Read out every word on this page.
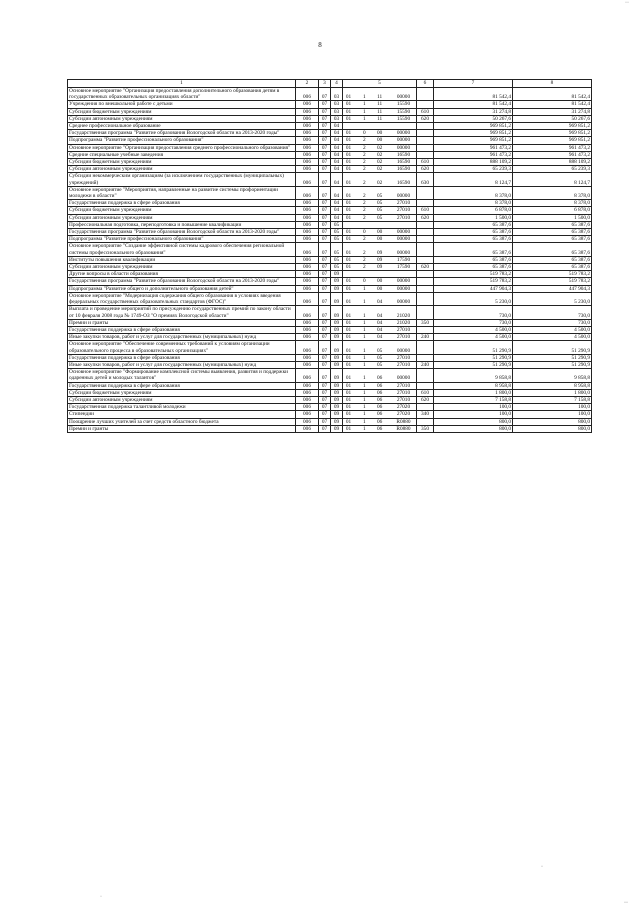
8
··
1	2	3	4	5	6	7	8
Основное мероприятие "Организация предоставления дополнительного образования детям в государственных образовательных организациях области"	006	07	03	01 1 11 00000		81 542,4	81 542,4
Учреждения по внешкольной работе с детьми	006	07	03	01 1 11 15590		81 542,4	81 542,4
Субсидии бюджетным учреждениям	006	07	03	01 1 11 15590	610	31 274,8	31 274,8
Субсидии автономным учреждениям	006	07	03	01 1 11 15590	620	50 267,6	50 267,6
Среднее профессиональное образование	006	07	04			969 851,2	969 851,2
Государственная программа "Развитие образования Вологодской области на 2013-2020 годы"	006	07	04	01 0 00 00000		969 851,2	969 851,2
Подпрограмма "Развитие профессионального образования"	006	07	04	01 2 00 00000		969 851,2	969 851,2
Основное мероприятие "Организация предоставления среднего профессионального образования"	006	07	04	01 2 02 00000		961 473,2	961 473,2
Средние специальные учебные заведения	006	07	04	01 2 02 16590		961 473,2	961 473,2
Субсидии бюджетным учреждениям	006	07	04	01 2 02 16590	610	888 109,2	888 109,2
Субсидии автономным учреждениям	006	07	04	01 2 02 16590	620	65 239,3	65 239,3
Субсидии некоммерческим организациям (за исключением государственных (муниципальных) учреждений)	006	07	04	01 2 02 16590	630	8 124,7	8 124,7
Основное мероприятие "Мероприятия, направленные на развитие системы профориентации молодежи в области"	006	07	04	01 2 05 00000		8 378,0	8 378,0
Государственная поддержка в сфере образования	006	07	04	01 2 05 27010		8 378,0	8 378,0
Субсидии бюджетным учреждениям	006	07	04	01 2 05 27010	610	6 878,0	6 878,0
Субсидии автономным учреждениям	006	07	04	01 2 05 27010	620	1 500,0	1 500,0
Профессиональная подготовка, переподготовка и повышение квалификации	006	07	05			65 387,6	65 387,6
Государственная программа "Развитие образования Вологодской области на 2013-2020 годы"	006	07	05	01 0 00 00000		65 387,6	65 387,6
Подпрограмма "Развитие профессионального образования"	006	07	05	01 2 00 00000		65 387,6	65 387,6
Основное мероприятие "Создание эффективной системы кадрового обеспечения региональной системы профессионального образования"	006	07	05	01 2 09 00000		65 387,6	65 387,6
Институты повышения квалификации	006	07	05	01 2 09 17590		65 387,6	65 387,6
Субсидии автономным учреждениям	006	07	05	01 2 09 17590	620	65 387,6	65 387,6
Другие вопросы в области образования	006	07	09			519 783,2	519 783,2
Государственная программа "Развитие образования Вологодской области на 2013-2020 годы"	006	07	09	01 0 00 00000		519 783,2	519 783,2
Подпрограмма "Развитие общего и дополнительного образования детей"	006	07	09	01 1 00 00000		447 904,3	447 904,3
Основное мероприятие "Модернизация содержания общего образования в условиях введения федеральных государственных образовательных стандартов (ФГОС)"	006	07	09	01 1 04 00000		5 230,0	5 230,0
Выплата и проведение мероприятий по присуждению государственных премий по закону области от 10 февраля 2008 года № 1749-ОЗ "О премиях Вологодской области"	006	07	09	01 1 04 21020		730,0	730,0
Премии и гранты	006	07	09	01 1 04 21020	350	730,0	730,0
Государственная поддержка в сфере образования	006	07	09	01 1 04 27010		4 500,0	4 500,0
Иные закупки товаров, работ и услуг для государственных (муниципальных) нужд	006	07	09	01 1 04 27010	240	4 500,0	4 500,0
Основное мероприятие "Обеспечение современных требований к условиям организации образовательного процесса в образовательных организациях"	006	07	09	01 1 05 00000		51 290,9	51 290,9
Государственная поддержка в сфере образования	006	07	09	01 1 05 27010		51 290,9	51 290,9
Иные закупки товаров, работ и услуг для государственных (муниципальных) нужд	006	07	09	01 1 05 27010	240	51 290,9	51 290,9
Основное мероприятие "Формирование комплексной системы выявления, развития и поддержки одаренных детей и молодых талантов"	006	07	09	01 1 06 00000		9 858,8	9 858,8
Государственная поддержка в сфере образования	006	07	09	01 1 06 27010		8 958,8	8 958,8
Субсидии бюджетным учреждениям	006	07	09	01 1 06 27010	610	1 800,0	1 800,0
Субсидии автономным учреждениям	006	07	09	01 1 06 27010	620	7 158,8	7 158,8
Государственная поддержка талантливой молодежи	006	07	09	01 1 06 27020		100,0	100,0
Стипендии	006	07	09	01 1 06 27020	340	100,0	100,0
Поощрение лучших учителей за счет средств областного бюджета	006	07	09	01 1 06 R0880		800,0	800,0
Премии и гранты	006	07	09	01 1 06 R0880	350	800,0	800,0
·
·
··
